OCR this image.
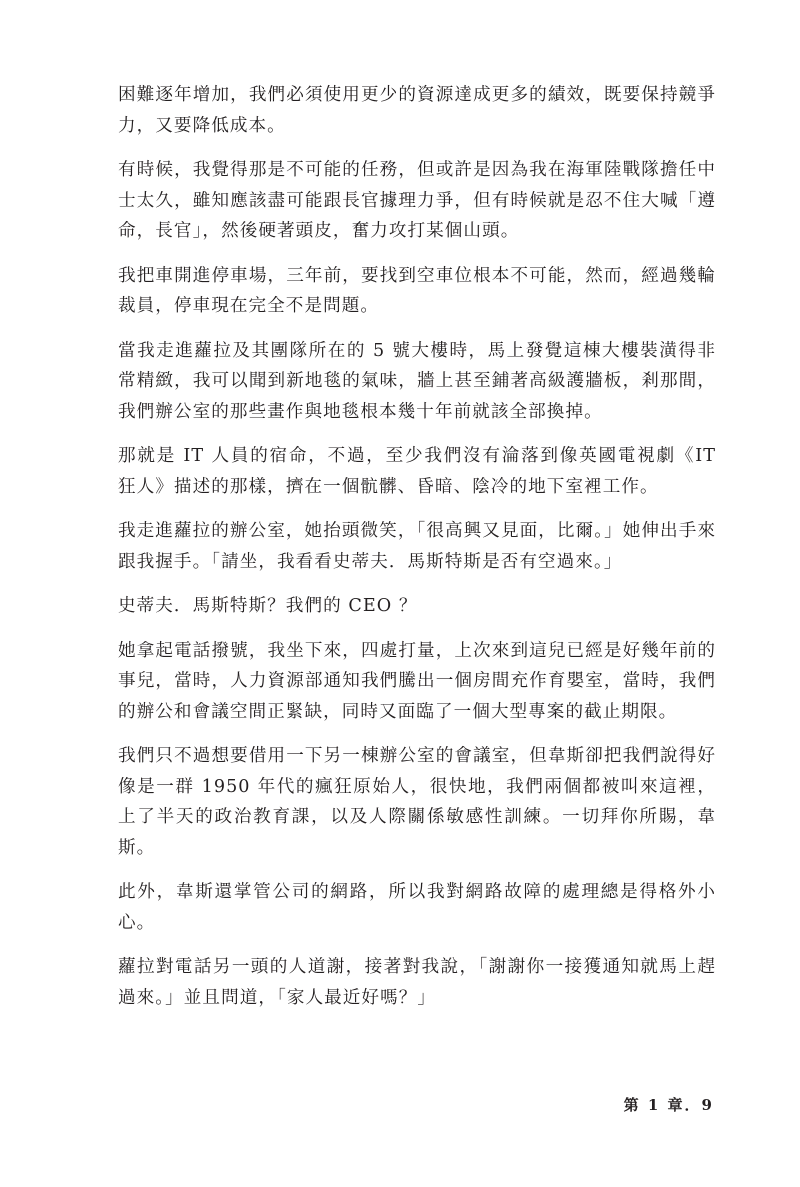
困難逐年增加，我們必須使用更少的資源達成更多的績效，既要保持競爭力，又要降低成本。

有時候，我覺得那是不可能的任務，但或許是因為我在海軍陸戰隊擔任中士太久，雖知應該盡可能跟長官據理力爭，但有時候就是忍不住大喊「遵命，長官」，然後硬著頭皮，奮力攻打某個山頭。

我把車開進停車場，三年前，要找到空車位根本不可能，然而，經過幾輪裁員，停車現在完全不是問題。

當我走進蘿拉及其團隊所在的 5 號大樓時，馬上發覺這棟大樓裝潢得非常精緻，我可以聞到新地毯的氣味，牆上甚至鋪著高級護牆板，剎那間，我們辦公室的那些畫作與地毯根本幾十年前就該全部換掉。

那就是 IT 人員的宿命，不過，至少我們沒有淪落到像英國電視劇《IT 狂人》描述的那樣，擠在一個骯髒、昏暗、陰冷的地下室裡工作。

我走進蘿拉的辦公室，她抬頭微笑，「很高興又見面，比爾。」她伸出手來跟我握手。「請坐，我看看史蒂夫．馬斯特斯是否有空過來。」

史蒂夫．馬斯特斯？我們的 CEO ？

她拿起電話撥號，我坐下來，四處打量，上次來到這兒已經是好幾年前的事兒，當時，人力資源部通知我們騰出一個房間充作育嬰室，當時，我們的辦公和會議空間正緊缺，同時又面臨了一個大型專案的截止期限。

我們只不過想要借用一下另一棟辦公室的會議室，但韋斯卻把我們說得好像是一群 1950 年代的瘋狂原始人，很快地，我們兩個都被叫來這裡，上了半天的政治教育課，以及人際關係敏感性訓練。一切拜你所賜，韋斯。

此外，韋斯還掌管公司的網路，所以我對網路故障的處理總是得格外小心。

蘿拉對電話另一頭的人道謝，接著對我說，「謝謝你一接獲通知就馬上趕過來。」並且問道，「家人最近好嗎？」

第 1 章．9
